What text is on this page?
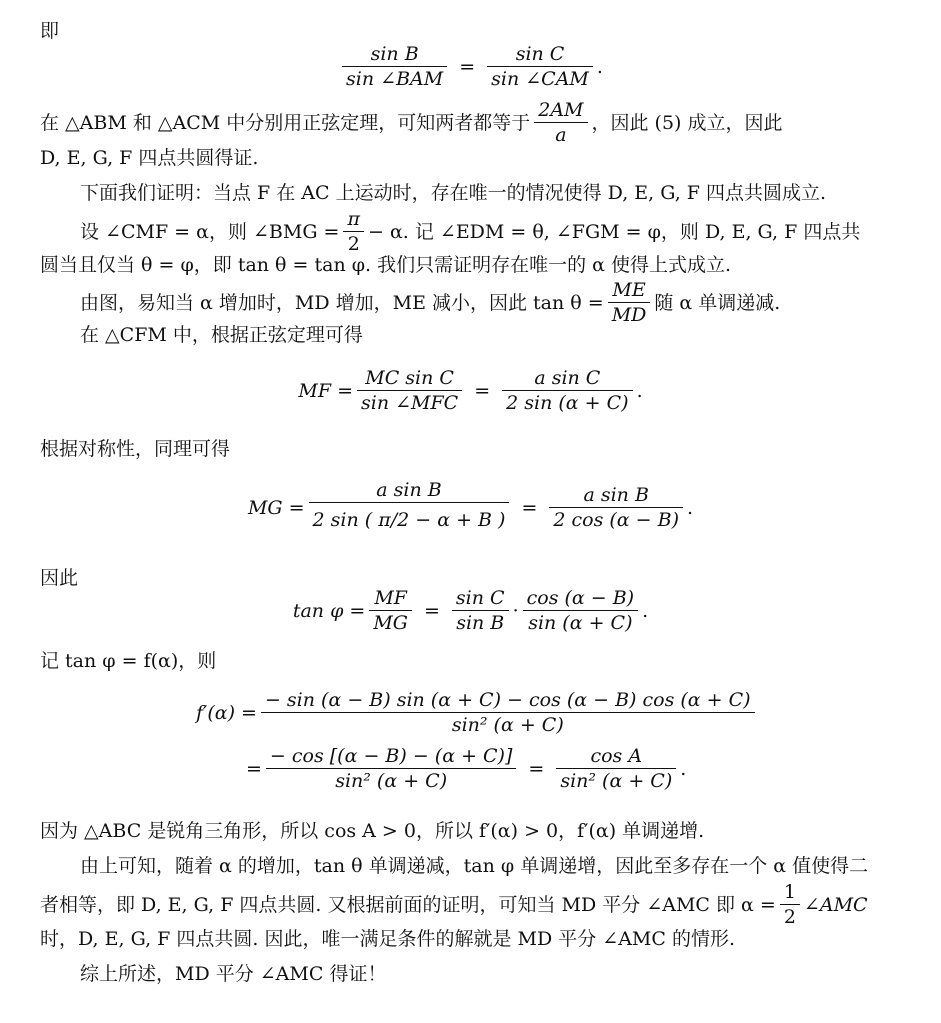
即
$\frac{\text{sin B}}{\text{sin ∠BAM}} = \frac{\text{sin C}}{\text{sin ∠CAM}}$ .
在 △ABM 和 △ACM 中分别用正弦定理，可知两者都等于 $\frac{2AM}{a}$ ，因此 (5) 成立，因此
D, E, G, F 四点共圆得证.
下面我们证明：当点 F 在 AC 上运动时，存在唯一的情况使得 D, E, G, F 四点共圆成立.
设 ∠CMF = α，则 ∠BMG = $\frac{\pi}{2} - \alpha$. 记 ∠EDM = θ, ∠FGM = φ，则 D, E, G, F 四点共
圆当且仅当 θ = φ，即 tan θ = tan φ. 我们只需证明存在唯一的 α 使得上式成立.
由图，易知当 α 增加时，MD 增加，ME 减小，因此 $\tan \theta = \frac{ME}{MD}$ 随 α 单调递减.
在 △CFM 中，根据正弦定理可得
MF = $\frac{\text{MC sin C}}{\text{sin ∠MFC}} = \frac{\text{a sin C}}{2 \sin (\alpha + C)}$ .
根据对称性，同理可得
MG = $\frac{\text{a sin B}}{2 \sin ( \pi/2 - \alpha + B )} = \frac{\text{a sin B}}{2 \cos (\alpha - B)}$ .
因此
$\tan \varphi = \frac{MF}{MG} = \frac{\text{sin C}}{\text{sin B}} \cdot \frac{\cos (\alpha - B)}{\sin (\alpha + C)}$ .
记 tan φ = f(α)，则
$f'(\alpha) = \frac{- \sin (\alpha - B) \sin (\alpha + C) - \cos (\alpha - B) \cos (\alpha + C)}{\text{sin² (α + C)}}$
= $\frac{- \cos [(\alpha - B) - (\alpha + C)]}{\text{sin² (α + C)}} = \frac{\text{cos A}}{\text{sin² (α + C)}}$ .
因为 △ABC 是锐角三角形，所以 cos A > 0，所以 f′(α) > 0，f′(α) 单调递增.
由上可知，随着 α 的增加，tan θ 单调递减，tan φ 单调递增，因此至多存在一个 α 值使得二
者相等，即 D, E, G, F 四点共圆. 又根据前面的证明，可知当 MD 平分 ∠AMC 即 $\alpha = \frac{1}{2}$ ∠AMC
时，D, E, G, F 四点共圆. 因此，唯一满足条件的解就是 MD 平分 ∠AMC 的情形.
综上所述，MD 平分 ∠AMC 得证！
